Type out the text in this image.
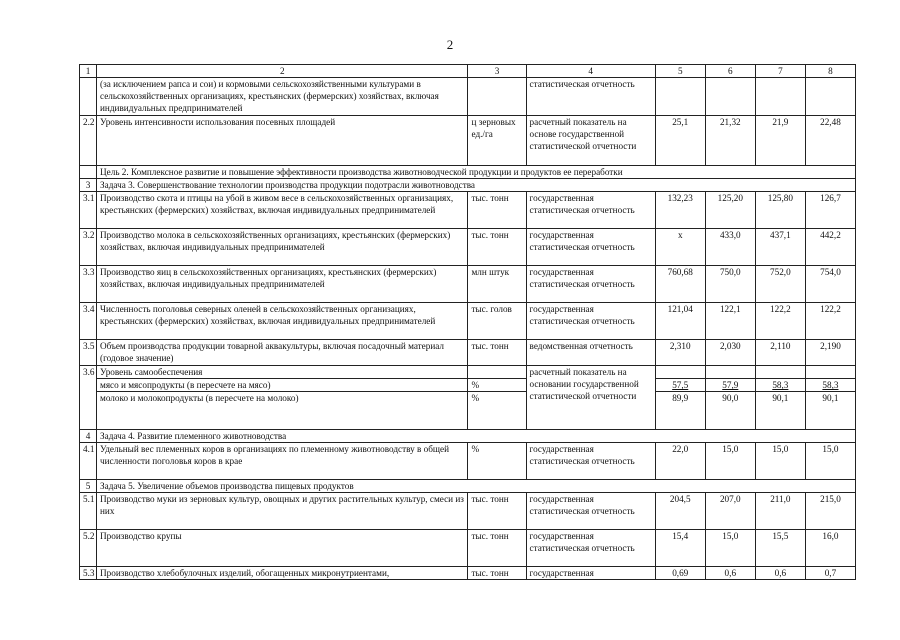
2
1	2	3	4	5	6	7	8
	(за исключением рапса и сои) и кормовыми сельскохозяйственными культурами в сельскохозяйственных организациях, крестьянских (фермерских) хозяйствах, включая индивидуальных предпринимателей		статистическая отчетность				
2.2	Уровень интенсивности использования посевных площадей	ц зерновых ед./га	расчетный показатель на основе государственной статистической отчетности	25,1	21,32	21,9	22,48
	Цель 2. Комплексное развитие и повышение эффективности производства животноводческой продукции и продуктов ее переработки						
3	Задача 3. Совершенствование технологии производства продукции подотрасли животноводства						
3.1	Производство скота и птицы на убой в живом весе в сельскохозяйственных организациях, крестьянских (фермерских) хозяйствах, включая индивидуальных предпринимателей	тыс. тонн	государственная статистическая отчетность	132,23	125,20	125,80	126,7
3.2	Производство молока в сельскохозяйственных организациях, крестьянских (фермерских) хозяйствах, включая индивидуальных предпринимателей	тыс. тонн	государственная статистическая отчетность	х	433,0	437,1	442,2
3.3	Производство яиц в сельскохозяйственных организациях, крестьянских (фермерских) хозяйствах, включая индивидуальных предпринимателей	млн штук	государственная статистическая отчетность	760,68	750,0	752,0	754,0
3.4	Численность поголовья северных оленей в сельскохозяйственных организациях, крестьянских (фермерских) хозяйствах, включая индивидуальных предпринимателей	тыс. голов	государственная статистическая отчетность	121,04	122,1	122,2	122,2
3.5	Объем производства продукции товарной аквакультуры, включая посадочный материал (годовое значение)	тыс. тонн	ведомственная отчетность	2,310	2,030	2,110	2,190
3.6	Уровень самообеспечения		расчетный показатель на основании государственной статистической отчетности				
	мясо и мясопродукты (в пересчете на мясо)	%		57,5	57,9	58,3	58,3
	молоко и молокопродукты (в пересчете на молоко)	%		89,9	90,0	90,1	90,1
4	Задача 4. Развитие племенного животноводства						
4.1	Удельный вес племенных коров в организациях по племенному животноводству в общей численности поголовья коров в крае	%	государственная статистическая отчетность	22,0	15,0	15,0	15,0
5	Задача 5. Увеличение объемов производства пищевых продуктов						
5.1	Производство муки из зерновых культур, овощных и других растительных культур, смеси из них	тыс. тонн	государственная статистическая отчетность	204,5	207,0	211,0	215,0
5.2	Производство крупы	тыс. тонн	государственная статистическая отчетность	15,4	15,0	15,5	16,0
5.3	Производство хлебобулочных изделий, обогащенных микронутриентами,	тыс. тонн	государственная	0,69	0,6	0,6	0,7
